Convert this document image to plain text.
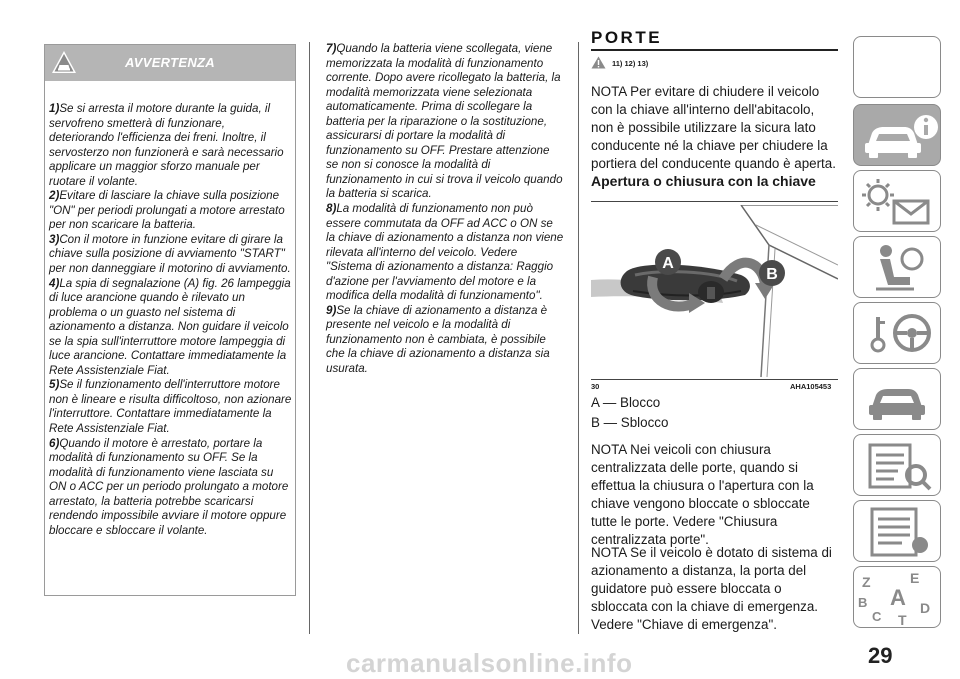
AVVERTENZA

1)Se si arresta il motore durante la guida, il servofreno smetterà di funzionare, deteriorando l'efficienza dei freni. Inoltre, il servosterzo non funzionerà e sarà necessario applicare un maggior sforzo manuale per ruotare il volante.

2)Evitare di lasciare la chiave sulla posizione "ON" per periodi prolungati a motore arrestato per non scaricare la batteria.

3)Con il motore in funzione evitare di girare la chiave sulla posizione di avviamento "START" per non danneggiare il motorino di avviamento.

4)La spia di segnalazione (A) fig. 26 lampeggia di luce arancione quando è rilevato un problema o un guasto nel sistema di azionamento a distanza. Non guidare il veicolo se la spia sull'interruttore motore lampeggia di luce arancione. Contattare immediatamente la Rete Assistenziale Fiat.

5)Se il funzionamento dell'interruttore motore non è lineare e risulta difficoltoso, non azionare l'interruttore. Contattare immediatamente la Rete Assistenziale Fiat.

6)Quando il motore è arrestato, portare la modalità di funzionamento su OFF. Se la modalità di funzionamento viene lasciata su ON o ACC per un periodo prolungato a motore arrestato, la batteria potrebbe scaricarsi rendendo impossibile avviare il motore oppure bloccare e sbloccare il volante.

7)Quando la batteria viene scollegata, viene memorizzata la modalità di funzionamento corrente. Dopo avere ricollegato la batteria, la modalità memorizzata viene selezionata automaticamente. Prima di scollegare la batteria per la riparazione o la sostituzione, assicurarsi di portare la modalità di funzionamento su OFF. Prestare attenzione se non si conosce la modalità di funzionamento in cui si trova il veicolo quando la batteria si scarica.

8)La modalità di funzionamento non può essere commutata da OFF ad ACC o ON se la chiave di azionamento a distanza non viene rilevata all'interno del veicolo. Vedere "Sistema di azionamento a distanza: Raggio d'azione per l'avviamento del motore e la modifica della modalità di funzionamento".

9)Se la chiave di azionamento a distanza è presente nel veicolo e la modalità di funzionamento non è cambiata, è possibile che la chiave di azionamento a distanza sia usurata.

PORTE
11) 12) 13)

NOTA Per evitare di chiudere il veicolo con la chiave all'interno dell'abitacolo, non è possibile utilizzare la sicura lato conducente né la chiave per chiudere la portiera del conducente quando è aperta.

Apertura o chiusura con la chiave
A
B
30	AHA105453
A — Blocco
B — Sblocco

NOTA Nei veicoli con chiusura centralizzata delle porte, quando si effettua la chiusura o l'apertura con la chiave vengono bloccate o sbloccate tutte le porte. Vedere "Chiusura centralizzata porte".

NOTA Se il veicolo è dotato di sistema di azionamento a distanza, la porta del guidatore può essere bloccata o sbloccata con la chiave di emergenza. Vedere "Chiave di emergenza".

Z	E
A
B
C T
D
29
carmanualsonline.info
